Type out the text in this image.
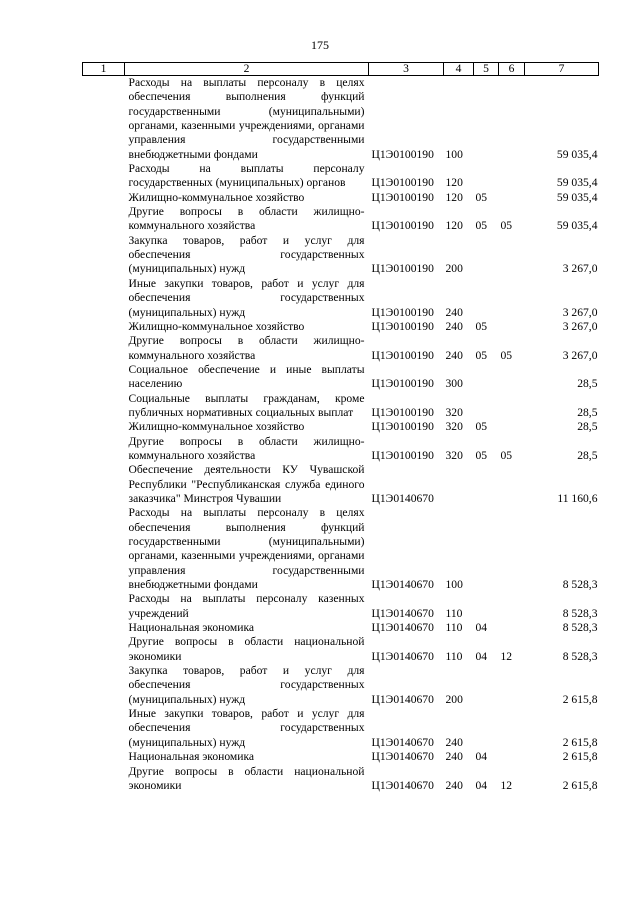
175
1	2	3	4	5	6	7
	Расходы на выплаты персоналу в целях обеспечения выполнения функций государственными (муниципальными) органами, казенными учреждениями, органами управления государственными внебюджетными фондами	Ц1Э0100190	100			59 035,4
	Расходы на выплаты персоналу государственных (муниципальных) органов	Ц1Э0100190	120			59 035,4
	Жилищно-коммунальное хозяйство	Ц1Э0100190	120	05		59 035,4
	Другие вопросы в области жилищно-коммунального хозяйства	Ц1Э0100190	120	05	05	59 035,4
	Закупка товаров, работ и услуг для обеспечения государственных (муниципальных) нужд	Ц1Э0100190	200			3 267,0
	Иные закупки товаров, работ и услуг для обеспечения государственных (муниципальных) нужд	Ц1Э0100190	240			3 267,0
	Жилищно-коммунальное хозяйство	Ц1Э0100190	240	05		3 267,0
	Другие вопросы в области жилищно-коммунального хозяйства	Ц1Э0100190	240	05	05	3 267,0
	Социальное обеспечение и иные выплаты населению	Ц1Э0100190	300			28,5
	Социальные выплаты гражданам, кроме публичных нормативных социальных выплат	Ц1Э0100190	320			28,5
	Жилищно-коммунальное хозяйство	Ц1Э0100190	320	05		28,5
	Другие вопросы в области жилищно-коммунального хозяйства	Ц1Э0100190	320	05	05	28,5
	Обеспечение деятельности КУ Чувашской Республики "Республиканская служба единого заказчика" Минстроя Чувашии	Ц1Э0140670				11 160,6
	Расходы на выплаты персоналу в целях обеспечения выполнения функций государственными (муниципальными) органами, казенными учреждениями, органами управления государственными внебюджетными фондами	Ц1Э0140670	100			8 528,3
	Расходы на выплаты персоналу казенных учреждений	Ц1Э0140670	110			8 528,3
	Национальная экономика	Ц1Э0140670	110	04		8 528,3
	Другие вопросы в области национальной экономики	Ц1Э0140670	110	04	12	8 528,3
	Закупка товаров, работ и услуг для обеспечения государственных (муниципальных) нужд	Ц1Э0140670	200			2 615,8
	Иные закупки товаров, работ и услуг для обеспечения государственных (муниципальных) нужд	Ц1Э0140670	240			2 615,8
	Национальная экономика	Ц1Э0140670	240	04		2 615,8
	Другие вопросы в области национальной экономики	Ц1Э0140670	240	04	12	2 615,8
